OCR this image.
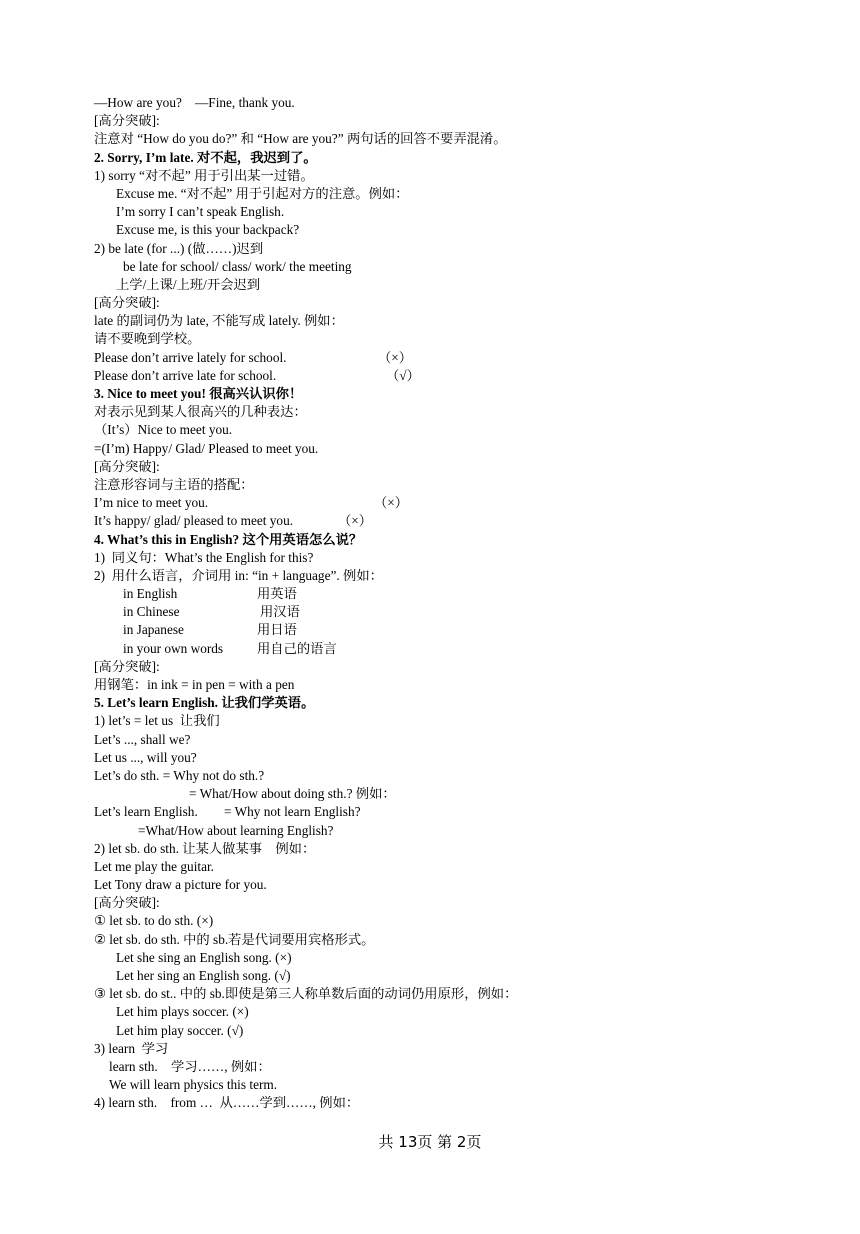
—How are you? —Fine, thank you.
[高分突破]:
注意对 “How do you do?” 和 “How are you?” 两句话的回答不要弄混淆。
2. Sorry, I’m late. 对不起，我迟到了。
1) sorry “对不起” 用于引出某一过错。
Excuse me. “对不起” 用于引起对方的注意。例如：
I’m sorry I can’t speak English.
Excuse me, is this your backpack?
2) be late (for ...) (做……)迟到
be late for school/ class/ work/ the meeting
上学/上课/上班/开会迟到
[高分突破]:
late 的副词仍为 late, 不能写成 lately. 例如：
请不要晚到学校。
Please don’t arrive lately for school.	（×）
Please don’t arrive late for school.	（√）
3. Nice to meet you! 很高兴认识你！
对表示见到某人很高兴的几种表达：
（It’s）Nice to meet you.
=(I’m) Happy/ Glad/ Pleased to meet you.
[高分突破]:
注意形容词与主语的搭配：
I’m nice to meet you.	（×）
It’s happy/ glad/ pleased to meet you.	（×）
4. What’s this in English? 这个用英语怎么说？
1)  同义句：What’s the English for this?
2)  用什么语言，介词用 in: “in + language”. 例如：
in English	用英语
in Chinese	用汉语
in Japanese	用日语
in your own words	用自己的语言
[高分突破]:
用钢笔：in ink = in pen = with a pen
5. Let’s learn English. 让我们学英语。
1) let’s = let us  让我们
Let’s ..., shall we?
Let us ..., will you?
Let’s do sth. = Why not do sth.?
= What/How about doing sth.? 例如：
Let’s learn English. = Why not learn English?
=What/How about learning English?
2) let sb. do sth. 让某人做某事    例如：
Let me play the guitar.
Let Tony draw a picture for you.
[高分突破]:
① let sb. to do sth. (×)
② let sb. do sth. 中的 sb.若是代词要用宾格形式。
Let she sing an English song. (×)
Let her sing an English song. (√)
③ let sb. do st.. 中的 sb.即使是第三人称单数后面的动词仍用原形，例如：
Let him plays soccer. (×)
Let him play soccer. (√)
3) learn  学习
learn sth.    学习……, 例如：
We will learn physics this term.
4) learn sth.    from …  从……学到……, 例如：
共 13页 第 2页
